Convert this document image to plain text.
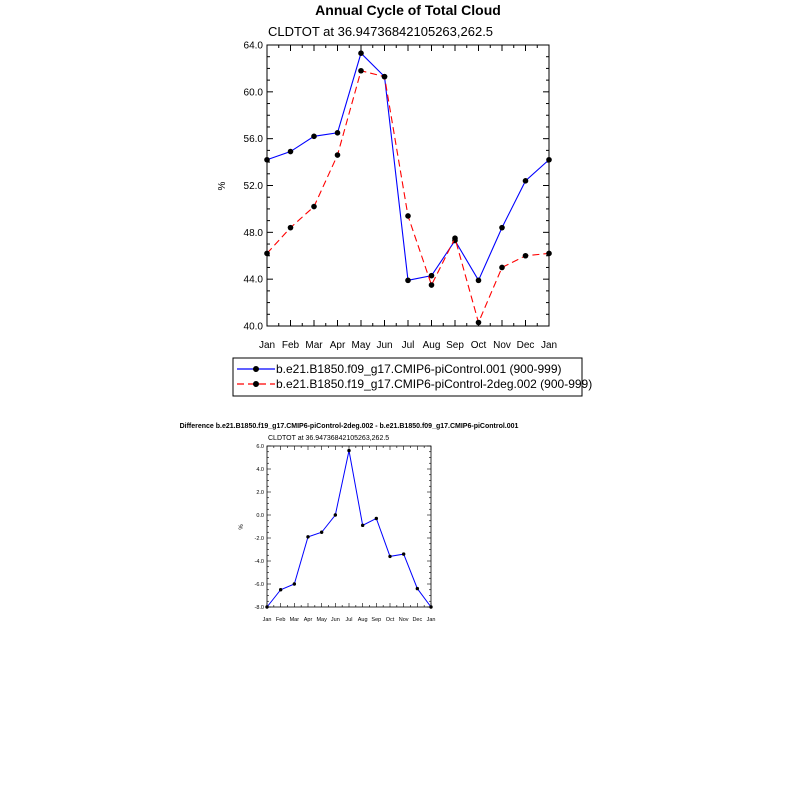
Annual Cycle of Total Cloud
CLDTOT at 36.94736842105263,262.5
%
Jan Feb Mar Apr May Jun Jul Aug Sep Oct Nov Dec Jan
40.0
44.0
48.0
52.0
56.0
60.0
64.0
b.e21.B1850.f09_g17.CMIP6-piControl.001 (900-999)
b.e21.B1850.f19_g17.CMIP6-piControl-2deg.002 (900-999)
Difference b.e21.B1850.f19_g17.CMIP6-piControl-2deg.002 - b.e21.B1850.f09_g17.CMIP6-piControl.001
CLDTOT at 36.94736842105263,262.5
%
Jan Feb Mar Apr May Jun Jul Aug Sep Oct Nov Dec Jan
-8.0
-6.0
-4.0
-2.0
0.0
2.0
4.0
6.0
